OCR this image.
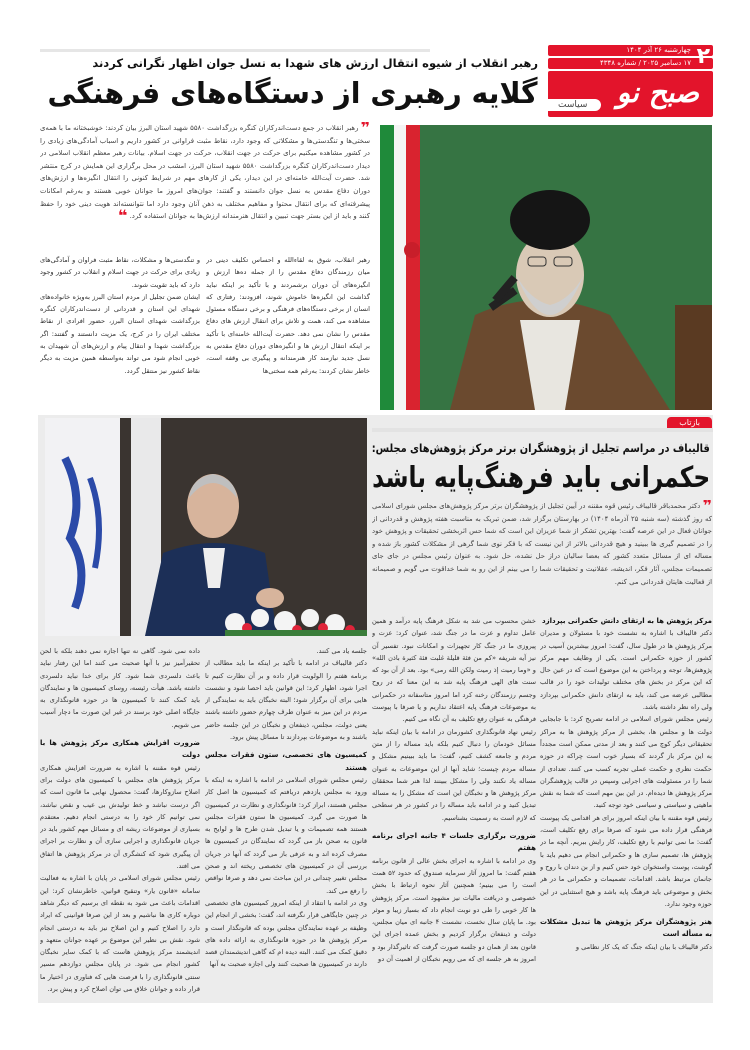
۲
چهارشنبه ۲۶ آذر ۱۴۰۴
۱۷ دسامبر ۲۰۲۵ / شماره ۴۳۴۸
صبح نو
سیاست
رهبر انقلاب از شیوه انتقال ارزش های شهدا به نسل جوان اظهار نگرانی کردند
گلایه رهبری از دستگاه‌های فرهنگی
❞ رهبر انقلاب در جمع دست‌اندرکاران کنگره بزرگداشت ۵۵۸۰ شهید استان البرز بیان کردند: خوشبختانه ما با همه‌ی سختی‌ها و تنگدستی‌ها و مشکلاتی که وجود دارد، نقاط مثبت فراوانی در کشور داریم و اسباب آمادگی‌های زیادی را در کشور مشاهده میکنیم برای حرکت در جهت انقلاب، حرکت در جهت اسلام. بیانات رهبر معظم انقلاب اسلامی در دیدار دست‌اندرکاران کنگره بزرگداشت ۵۵۸۰ شهید استان البرز، امشب در محل برگزاری این همایش در کرج منتشر شد. حضرت آیت‌الله خامنه‌ای در این دیدار، یکی از کارهای مهم در شرایط کنونی را انتقال انگیزه‌ها و ارزش‌های دوران دفاع مقدس به نسل جوان دانستند و گفتند: جوان‌های امروز ما جوانان خوبی هستند و به‌رغم امکانات پیشرفته‌ای که برای انتقال محتوا و مفاهیم مختلف به ذهن آنان وجود دارد اما نتوانسته‌اند هویت دینی خود را حفظ کنند و باید از این بستر جهت تبیین و انتقال هنرمندانه ارزش‌ها به جوانان استفاده کرد. ❝

رهبر انقلاب، شوق به لقاءالله و احساس تکلیف دینی در میان رزمندگان دفاع مقدس را از جمله ده‌ها ارزش و انگیزه‌های آن دوران برشمردند و با تأکید بر اینکه نباید گذاشت این انگیزه‌ها خاموش شوند، افزودند: رفتاری که انسان از برخی دستگاه‌های فرهنگی و برخی دستگاه مسئول مشاهده می کند، همت و تلاش برای انتقال ارزش های دفاع مقدس را نشان نمی دهد. حضرت آیت‌الله خامنه‌ای با تأکید بر اینکه انتقال ارزش ها و انگیزه‌های دوران دفاع مقدس به نسل جدید نیازمند کار هنرمندانه و پیگیری بی وقفه است، خاطر نشان کردند: به‌رغم همه سختی‌ها

و تنگدستی‌ها و مشکلات، نقاط مثبت فراوان و آمادگی‌های زیادی برای حرکت در جهت اسلام و انقلاب در کشور وجود دارد که باید تقویت شوند.

ایشان ضمن تجلیل از مردم استان البرز به‌ویژه خانواده‌های شهدای این استان و قدردانی از دست‌اندرکاران کنگره بزرگداشت شهدای استان البرز، حضور افرادی از نقاط مختلف ایران را در کرج، یک مزیت دانستند و گفتند: اگر بزرگداشت شهدا و انتقال پیام و ارزش‌های آن شهیدان به خوبی انجام شود می تواند به‌واسطه همین مزیت به دیگر نقاط کشور نیز منتقل گردد.

بازتاب
قالیباف در مراسم تجلیل از پژوهشگران برتر مرکز پژوهش‌های مجلس:
حکمرانی باید فرهنگ‌پایه باشد
❞ دکتر محمدباقر قالیباف رئیس قوه مقننه در آیین تجلیل از پژوهشگران برتر مرکز پژوهش‌های مجلس شورای اسلامی که روز گذشته (سه شنبه ۲۵ آذرماه ۱۴۰۴) در بهارستان برگزار شد، ضمن تبریک به مناسبت هفته پژوهش و قدردانی از جوانان فعال در این عرصه گفت: بهترین تشکر از شما عزیزان این است که شما حس اثربخشی تحقیقات و پژوهش خود را در تصمیم گیری ها ببینید و هیچ قدردانی بالاتر از این نیست که با فکر نوی شما گرهی از مشکلات کشور باز شده و مساله ای از مسائل متعدد کشور که بعضا سالیان دراز حل نشده، حل شود. به عنوان رئیس مجلس در جای جای تصمیمات مجلس، آثار فکر، اندیشه، عقلانیت و تحقیقات شما را می بینم از این رو به شما خداقوت می گویم و صمیمانه از فعالیت هایتان قدردانی می کنم.
مرکز پژوهش ها به ارتقای دانش حکمرانی بپردازد

دکتر قالیباف با اشاره به نشست خود با مسئولان و مدیران مرکز پژوهش ها در طول سال، گفت: امروز بیشترین آسیب در کشور از حوزه حکمرانی است. یکی از وظایف مهم مرکز پژوهش‌ها، توجه و پرداختن به این موضوع است که در عین حال که این مرکز در بخش های مختلف تولیدات خود را در قالب مطالبی عرضه می کند، باید به ارتقای دانش حکمرانی بپردازد ولی راه نظر داشته باشد.

رئیس مجلس شورای اسلامی در ادامه تصریح کرد: با جابجایی دولت ها و مجلس ها، بخشی از مرکز پژوهش ها به مراکز تحقیقاتی دیگر کوچ می کنند و بعد از مدتی ممکن است مجدداً به این مرکز باز گردند که بسیار خوب است چراکه در حوزه حکمت نظری و حکمت عملی تجربه کسب می کنند. تعدادی از شما را در مسئولیت های اجرایی وسپس در قالب پژوهشگران مرکز پژوهش ها دیده‌ام. در این بین مهم است که شما به نقش ماهیتی و سیاستی و سیاسی خود توجه کنید.

رئیس قوه مقننه با بیان اینکه امروز برای هر اقدامی یک پیوست فرهنگی قرار داده می شود که صرفا برای رفع تکلیف است، گفت: ما نمی توانیم با رفع تکلیف، کار رایش ببریم. آنچه ما در پژوهش ها، تصمیم سازی ها و حکمرانی انجام می دهیم باید با گوشت، پوست واستخوان خود حس کنیم و از بن دندان با روح و جانمان مرتبط باشد. اقدامات، تصمیمات و حکمرانی ما در هر بخش و موضوعی باید فرهنگ پایه باشد و هیچ استثنایی در این حوزه وجود ندارد.

هنر پژوهشگران مرکز پژوهش ها تبدیل مشکلات به مسأله است

دکتر قالیباف با بیان اینکه جنگ که یک کار نظامی و

خشن محسوب می شد به شکل فرهنگ پایه درآمد و همین عامل تداوم و عزت ما در جنگ شد، عنوان کرد: عزت و پیروزی ما در جنگ کار تجهیزات و امکانات نبود. تفسیر آن نیز آیه شریفه «کم من فئة قلیلة غلبت فئة کثیرة باذن الله» و «وما رمیت إذ رمیت ولکن الله رمی» بود. بعد از آن بود که سنت های الهی فرهنگ پایه شد به این معنا که در روح وجسم رزمندگان رخنه کرد اما امروز متاسفانه در حکمرانی به موضوعات فرهنگ پایه اعتقاد نداریم و یا صرفا با پیوست فرهنگی به عنوان رفع تکلیف به آن نگاه می کنیم.

رئیس نهاد قانونگذاری کشورمان در ادامه با بیان اینکه نباید مسائل خودمان را دنبال کنیم بلکه باید مساله را از متن مردم و جامعه کشف کنیم، گفت: ما باید ببینیم مشکل و مساله مردم چیست؛ شاید آنها از این موضوعات به عنوان مساله یاد نکنند ولی را مشکل ببینند لذا هنر شما محققان مرکز پژوهش ها و نخبگان این است که مشکل را به مساله تبدیل کنید و در ادامه باید مساله را در کشور در هر سطحی که لازم است به رسمیت بشناسیم.

ضرورت برگزاری جلسات ۴ جانبه اجرای برنامه هفتم

وی در ادامه با اشاره به اجرای بخش عالی از قانون برنامه هفتم گفت: ما امروز آثار سرمایه صندوق که حدود ۵۲ همت است را می بینیم؛ همچنین آثار نحوه ارتباط با بخش خصوصی و دریافت مالیات نیز مشهود است. مرکز پژوهش ها کار خوبی را طی دو نوبت انجام داد که بسیار زیبا و موثر بود. ما پایان سال نخست، نشست ۴ جانبه ای میان مجلس، دولت و ذینفعان برگزار کردیم و بخش عمده اجرای این قانون بعد از همان دو جلسه صورت گرفت که تاثیرگذار بود و امروز به هر جلسه ای که می رویم نخبگان از اهمیت آن دو

جلسه یاد می کنند.

دکتر قالیباف در ادامه با تأکید بر اینکه ما باید مطالب از برنامه هفتم را الولویت قرار داده و بر آن نظارت کنیم تا اجرا شود، اظهار کرد: این قوانین باید احصا شود و نشست هایی برای آن برگزار شود؛ البته نخبگان باید به نمایندگی از مردم در این میز به عنوان طرف چهارم حضور داشته باشند یعنی دولت، مجلس، ذینفعان و نخبگان در این جلسه حاضر باشند و به موضوعات بپردازند تا مسائل پیش برود.

کمیسیون های تخصصی، ستون فقرات مجلس هستند

رئیس مجلس شورای اسلامی در ادامه با اشاره به اینکه با ورود به مجلس یازدهم دریافتم که کمیسیون ها اصل کار مجلس هستند، ابراز کرد: قانونگذاری و نظارت در کمیسیون ها صورت می گیرد. کمیسیون ها ستون فقرات مجلس هستند همه تصمیمات و یا تبدیل شدن طرح ها و لوایح به قانون به صحن باز می گردد که نمایندگان در کمیسیون ها مصرف کرده اند و به عرفی باز می گردد که آنها در جریان بررسی آن در کمیسیون های تخصصی ریخته اند و صحن مجلس تغییر چندانی در این مباحث نمی دهد و صرفا نواقص را رفع می کند.

وی در ادامه با انتقاد از اینکه امروز کمیسیون های تخصصی در چنین جایگاهی قرار نگرفته اند، گفت: بخشی از انجام این وظیفه بر عهده نمایندگان مجلس بوده که قانونگذار است و مرکز پژوهش ها در حوزه قانونگذاری به ارائه داده های دقیق کمک می کنند. البته دیده ام که گاهی اندیشمندان قصد دارند در کمیسیون ها صحبت کنند ولی اجازه صحبت به آنها

داده نمی شود. گاهی نه تنها اجازه نمی دهند بلکه با لحن تحقیرآمیز نیز با آنها صحبت می کنند اما این رفتار نباید باعث دلسردی شما شود. کار برای خدا نباید دلسردی داشته باشد. هیأت رئیسه، روسای کمیسیون ها و نمایندگان باید کمک کنند تا کمیسیون ها در حوزه قانونگذاری به جایگاه اصلی خود برسند در غیر این صورت ما دچار آسیب می شویم.

ضرورت افزایش همکاری مرکز پژوهش ها با دولت

رئیس قوه مقننه با اشاره به ضرورت افزایش همکاری مرکز پژوهش های مجلس با کمیسیون های دولت برای اصلاح سازوکارها، گفت: محصول نهایی ما قانون است که اگر درست نباشد و خط تولیدش بی عیب و نقص نباشد، نمی توانیم کار خود را به درستی انجام دهیم. معتقدم بسیاری از موضوعات ریشه ای و مسائل مهم کشور باید در جریان قانونگذاری و اجرایی سازی آن و نظارت بر اجرای آن پیگیری شود که کنشگری آن در مرکز پژوهش ها اتفاق می افتد.

رئیس مجلس شورای اسلامی در پایان با اشاره به فعالیت سامانه «قانون یار» وتنقیح قوانین، خاطرنشان کرد: این اقدامات باعث می شود به نقطه ای برسیم که دیگر شاهد دوباره کاری ها نباشیم و بعد از این صرفا قوانینی که ایراد دارد را اصلاح کنیم و این اصلاح نیز باید به درستی انجام شود. نقش بی نظیر این موضوع بر عهده جوانان متعهد و اندیشمند مرکز پژوهش هاست که با کمک سایر نخبگان کشور انجام می شود. در پایان مجلس دوازدهم مسیر سنتی قانونگذاری را با فرصت هایی که فناوری در اختیار ما قرار داده و جوانان خلاق می توان اصلاح کرد و پیش برد.
